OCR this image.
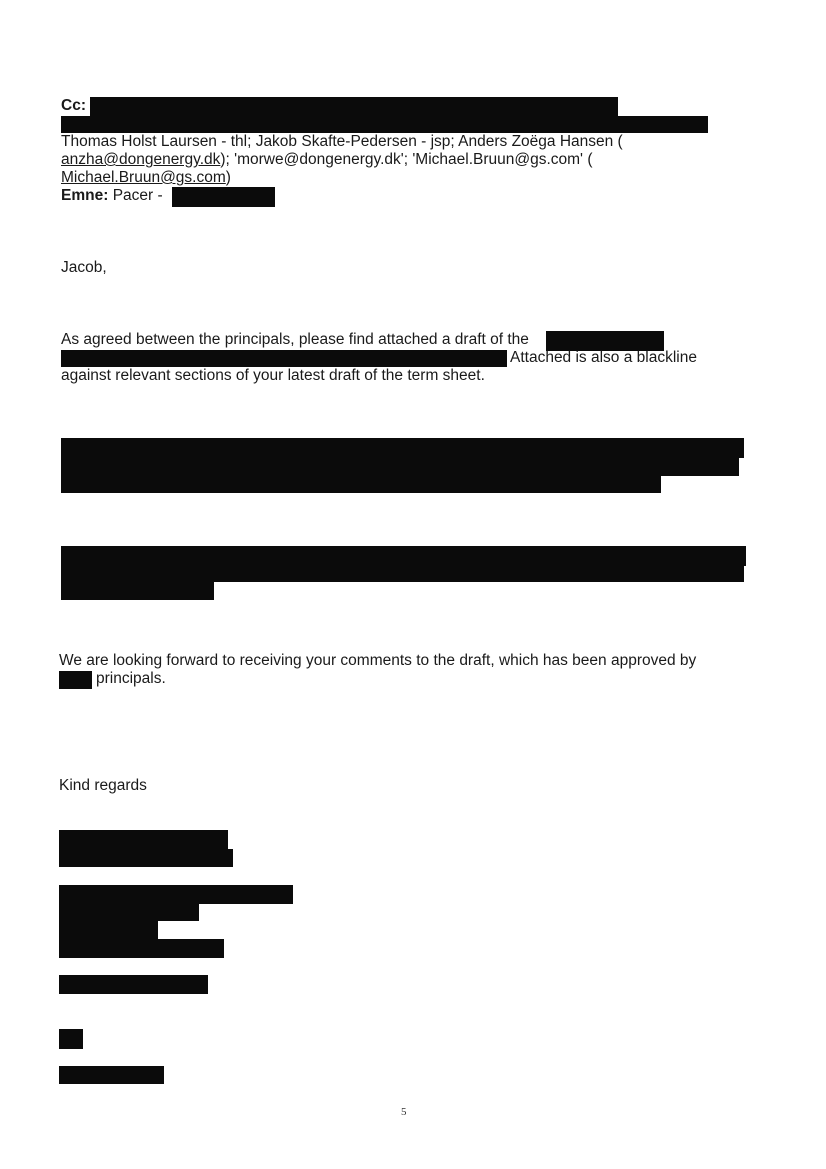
Cc:
Thomas Holst Laursen - thl; Jakob Skafte-Pedersen - jsp; Anders Zoëga Hansen (
anzha@dongenergy.dk); 'morwe@dongenergy.dk'; 'Michael.Bruun@gs.com' (
Michael.Bruun@gs.com)
Emne: Pacer -
Jacob,
As agreed between the principals, please find attached a draft of the
Attached is also a blackline
against relevant sections of your latest draft of the term sheet.
We are looking forward to receiving your comments to the draft, which has been approved by
principals.
Kind regards
5
